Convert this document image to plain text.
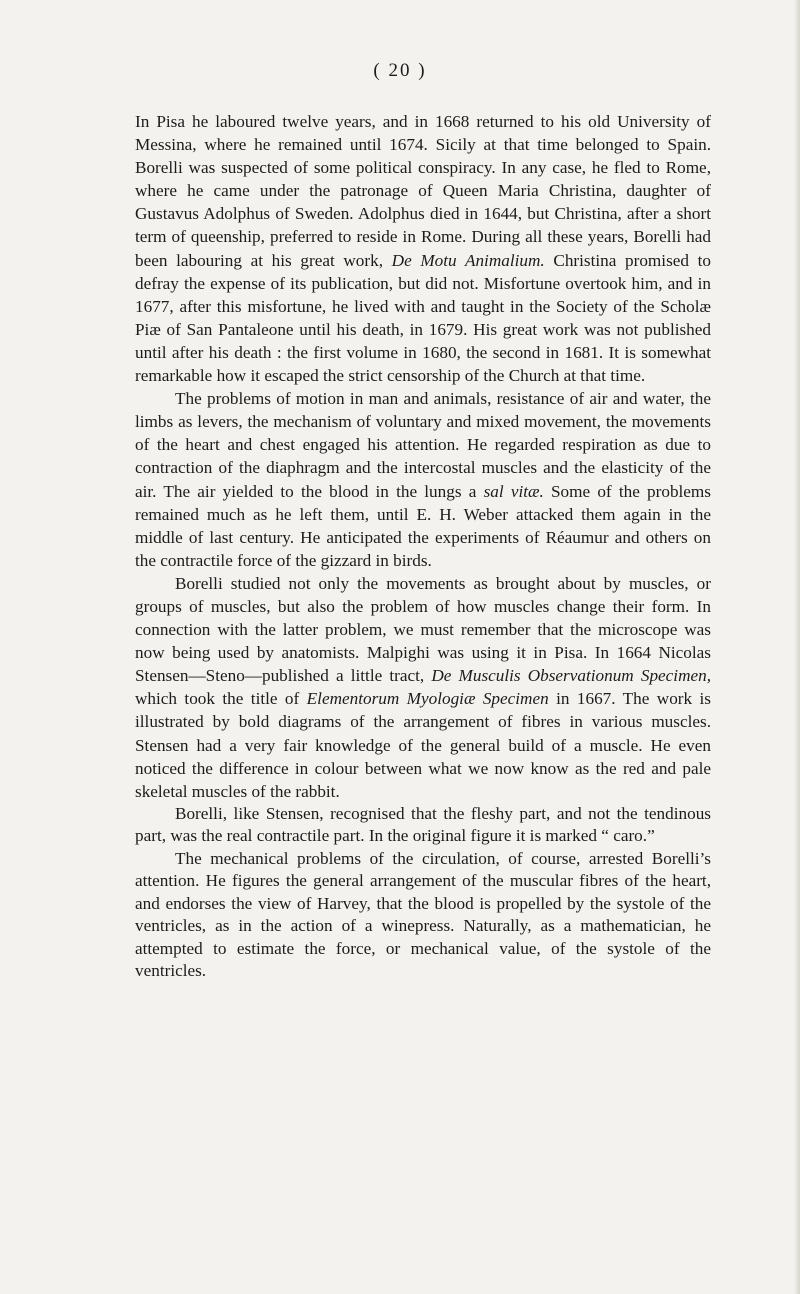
( 20 )

In Pisa he laboured twelve years, and in 1668 returned to his old University of Messina, where he remained until 1674. Sicily at that time belonged to Spain. Borelli was suspected of some political conspiracy. In any case, he fled to Rome, where he came under the patronage of Queen Maria Christina, daughter of Gustavus Adolphus of Sweden. Adolphus died in 1644, but Christina, after a short term of queenship, preferred to reside in Rome. During all these years, Borelli had been labouring at his great work, De Motu Animalium. Christina promised to defray the expense of its publication, but did not. Misfortune overtook him, and in 1677, after this misfortune, he lived with and taught in the Society of the Scholæ Piæ of San Pantaleone until his death, in 1679. His great work was not published until after his death : the first volume in 1680, the second in 1681. It is somewhat remarkable how it escaped the strict censorship of the Church at that time.

The problems of motion in man and animals, resistance of air and water, the limbs as levers, the mechanism of voluntary and mixed movement, the movements of the heart and chest engaged his attention. He regarded respiration as due to contraction of the diaphragm and the intercostal muscles and the elasticity of the air. The air yielded to the blood in the lungs a sal vitæ. Some of the problems remained much as he left them, until E. H. Weber attacked them again in the middle of last century. He anticipated the experiments of Réaumur and others on the contractile force of the gizzard in birds.

Borelli studied not only the movements as brought about by muscles, or groups of muscles, but also the problem of how muscles change their form. In connection with the latter problem, we must remember that the microscope was now being used by anatomists. Malpighi was using it in Pisa. In 1664 Nicolas Stensen—Steno—published a little tract, De Musculis Observationum Specimen, which took the title of Elementorum Myologiæ Specimen in 1667. The work is illustrated by bold diagrams of the arrangement of fibres in various muscles. Stensen had a very fair knowledge of the general build of a muscle. He even noticed the difference in colour between what we now know as the red and pale skeletal muscles of the rabbit.

Borelli, like Stensen, recognised that the fleshy part, and not the tendinous part, was the real contractile part. In the original figure it is marked “ caro.”

The mechanical problems of the circulation, of course, arrested Borelli’s attention. He figures the general arrangement of the muscular fibres of the heart, and endorses the view of Harvey, that the blood is propelled by the systole of the ventricles, as in the action of a winepress. Naturally, as a mathematician, he attempted to estimate the force, or mechanical value, of the systole of the ventricles.
